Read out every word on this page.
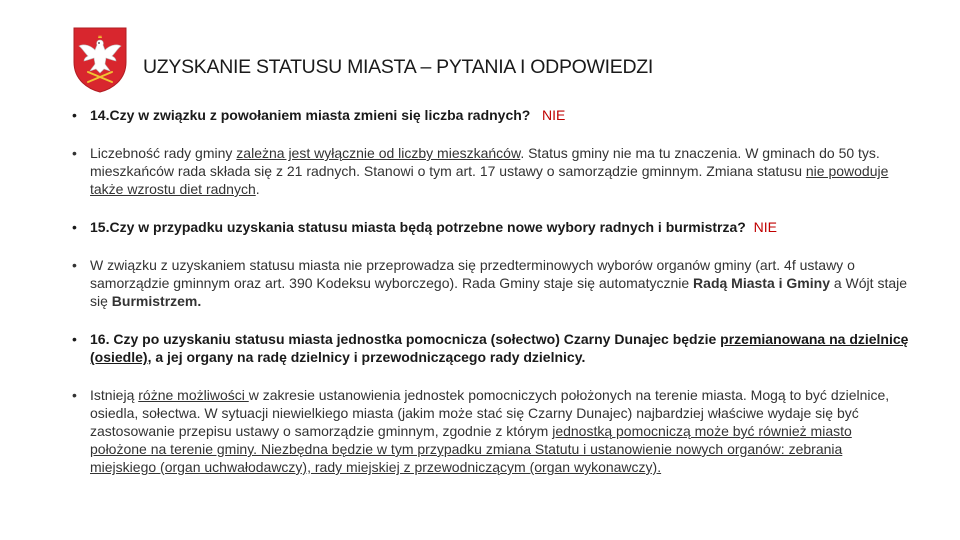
UZYSKANIE STATUSU MIASTA – PYTANIA I ODPOWIEDZI
• 14.Czy w związku z powołaniem miasta zmieni się liczba radnych? NIE
• Liczebność rady gminy zależna jest wyłącznie od liczby mieszkańców. Status gminy nie ma tu znaczenia. W gminach do 50 tys. mieszkańców rada składa się z 21 radnych. Stanowi o tym art. 17 ustawy o samorządzie gminnym. Zmiana statusu nie powoduje także wzrostu diet radnych.
• 15.Czy w przypadku uzyskania statusu miasta będą potrzebne nowe wybory radnych i burmistrza? NIE
• W związku z uzyskaniem statusu miasta nie przeprowadza się przedterminowych wyborów organów gminy (art. 4f ustawy o samorządzie gminnym oraz art. 390 Kodeksu wyborczego). Rada Gminy staje się automatycznie Radą Miasta i Gminy a Wójt staje się Burmistrzem.
• 16. Czy po uzyskaniu statusu miasta jednostka pomocnicza (sołectwo) Czarny Dunajec będzie przemianowana na dzielnicę (osiedle), a jej organy na radę dzielnicy i przewodniczącego rady dzielnicy.
• Istnieją różne możliwości w zakresie ustanowienia jednostek pomocniczych położonych na terenie miasta. Mogą to być dzielnice, osiedla, sołectwa. W sytuacji niewielkiego miasta (jakim może stać się Czarny Dunajec) najbardziej właściwe wydaje się być zastosowanie przepisu ustawy o samorządzie gminnym, zgodnie z którym jednostką pomocniczą może być również miasto położone na terenie gminy. Niezbędna będzie w tym przypadku zmiana Statutu i ustanowienie nowych organów: zebrania miejskiego (organ uchwałodawczy), rady miejskiej z przewodniczącym (organ wykonawczy).
